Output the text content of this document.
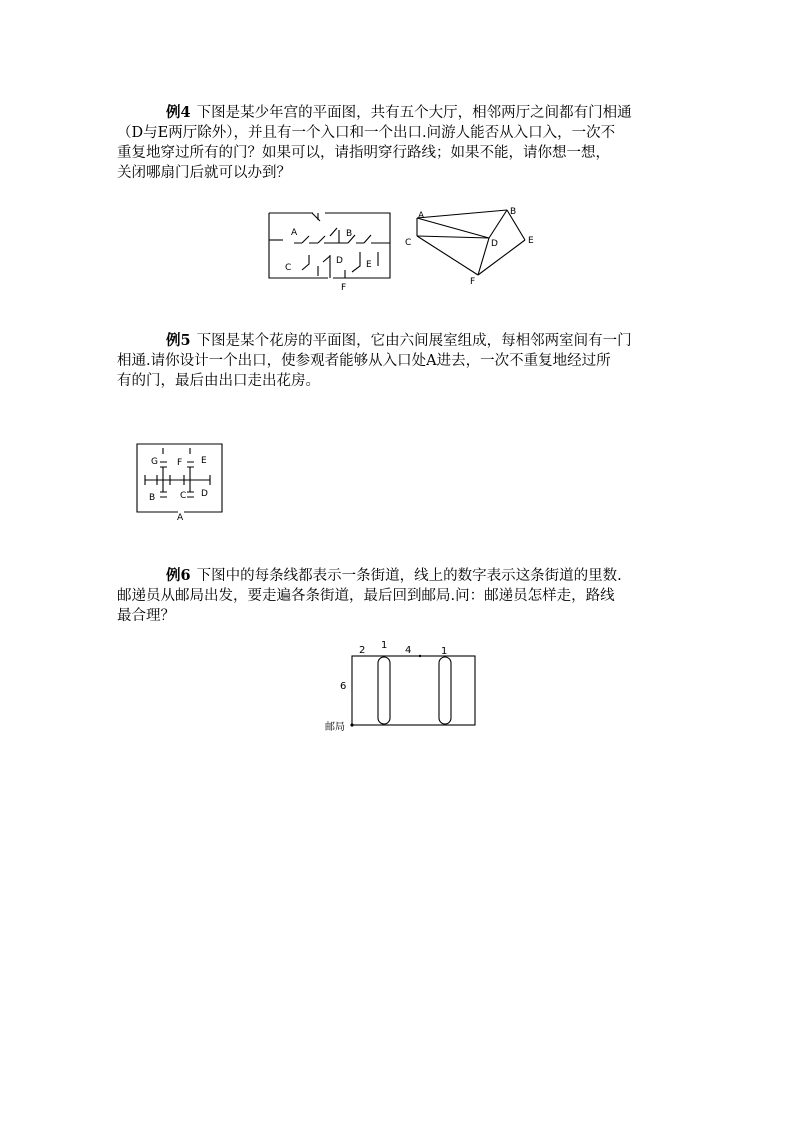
例4 下图是某少年宫的平面图，共有五个大厅，相邻两厅之间都有门相通
（D与E两厅除外），并且有一个入口和一个出口.问游人能否从入口入，一次不
重复地穿过所有的门？如果可以，请指明穿行路线；如果不能，请你想一想，
关闭哪扇门后就可以办到？
例5 下图是某个花房的平面图，它由六间展室组成，每相邻两室间有一门
相通.请你设计一个出口，使参观者能够从入口处A进去，一次不重复地经过所
有的门，最后由出口走出花房。
例6 下图中的每条线都表示一条街道，线上的数字表示这条街道的里数.
邮递员从邮局出发，要走遍各条街道，最后回到邮局.问：邮递员怎样走，路线
最合理？
A	B
C
D	E
F
A	B
C	D	E
F
G F E
B	C D
A
2 1 4	1
6
邮局
